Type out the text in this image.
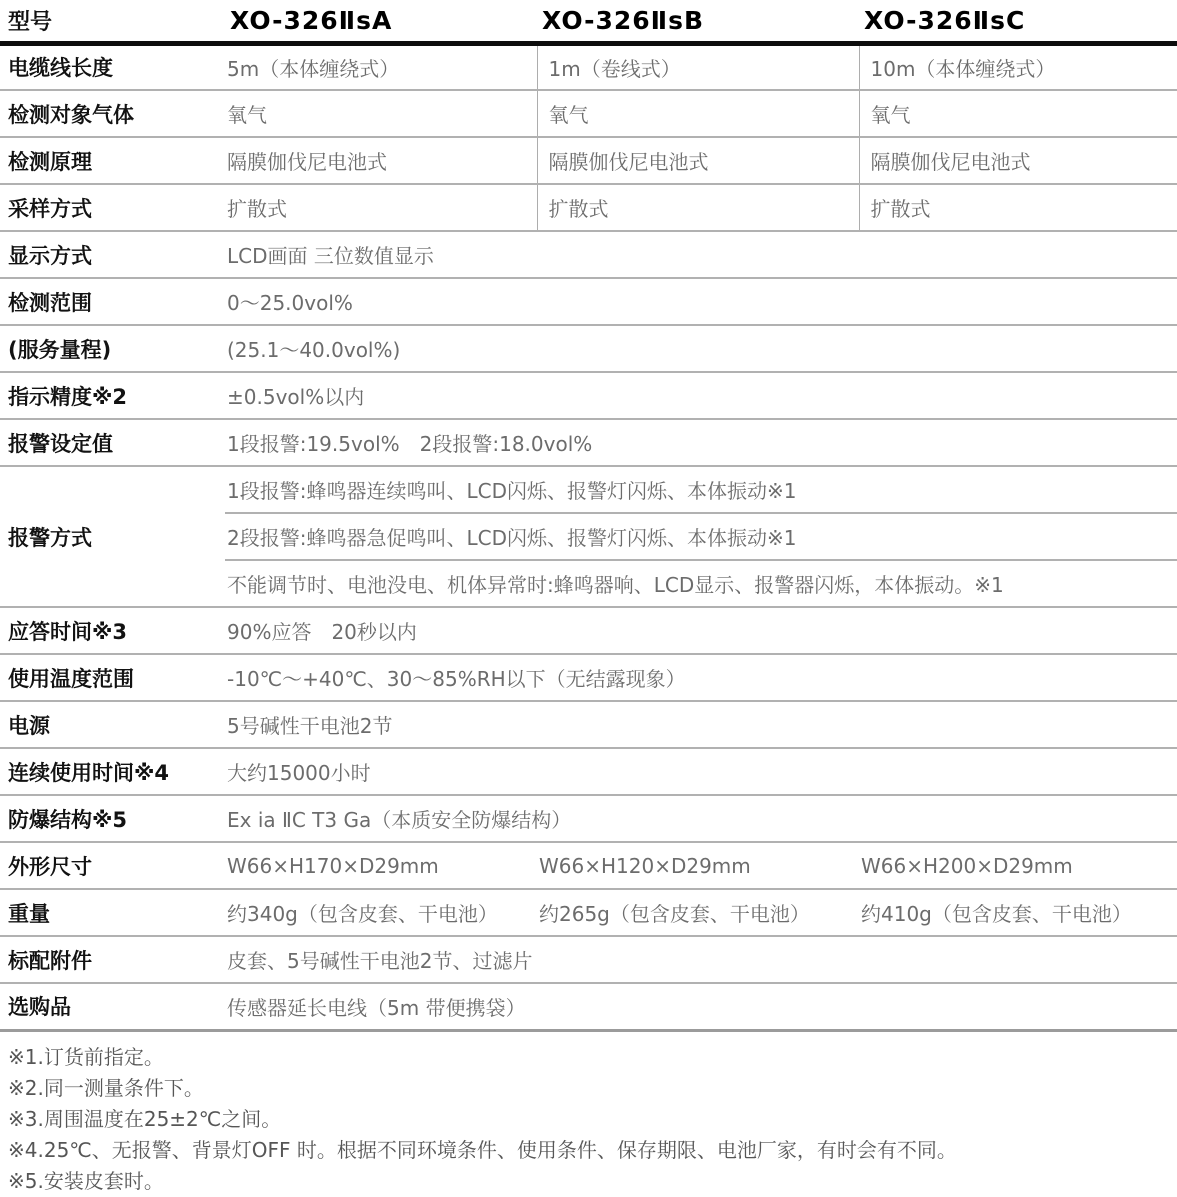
型号	XO-326ⅡsA	XO-326ⅡsB	XO-326ⅡsC
电缆线长度	5m（本体缠绕式）	1m（卷线式）	10m（本体缠绕式）
检测对象气体	氧气	氧气	氧气
检测原理	隔膜伽伐尼电池式	隔膜伽伐尼电池式	隔膜伽伐尼电池式
采样方式	扩散式	扩散式	扩散式
显示方式	LCD画面 三位数值显示		
检测范围	0～25.0vol%		
(服务量程)	(25.1～40.0vol%)		
指示精度※2	±0.5vol%以内		
报警设定值	1段报警:19.5vol%　2段报警:18.0vol%		
报警方式	1段报警:蜂鸣器连续鸣叫、LCD闪烁、报警灯闪烁、本体振动※1		
	2段报警:蜂鸣器急促鸣叫、LCD闪烁、报警灯闪烁、本体振动※1		
	不能调节时、电池没电、机体异常时:蜂鸣器响、LCD显示、报警器闪烁，本体振动。※1		
应答时间※3	90%应答　20秒以内		
使用温度范围	-10℃～+40℃、30～85%RH以下（无结露现象）		
电源	5号碱性干电池2节		
连续使用时间※4	大约15000小时		
防爆结构※5	Ex ia ⅡC T3 Ga（本质安全防爆结构）		
外形尺寸	W66×H170×D29mm	W66×H120×D29mm	W66×H200×D29mm
重量	约340g（包含皮套、干电池）	约265g（包含皮套、干电池）	约410g（包含皮套、干电池）
标配附件	皮套、5号碱性干电池2节、过滤片		
选购品	传感器延长电线（5m 带便携袋）		
※1.订货前指定。
※2.同一测量条件下。
※3.周围温度在25±2℃之间。
※4.25℃、无报警、背景灯OFF 时。根据不同环境条件、使用条件、保存期限、电池厂家，有时会有不同。
※5.安装皮套时。
